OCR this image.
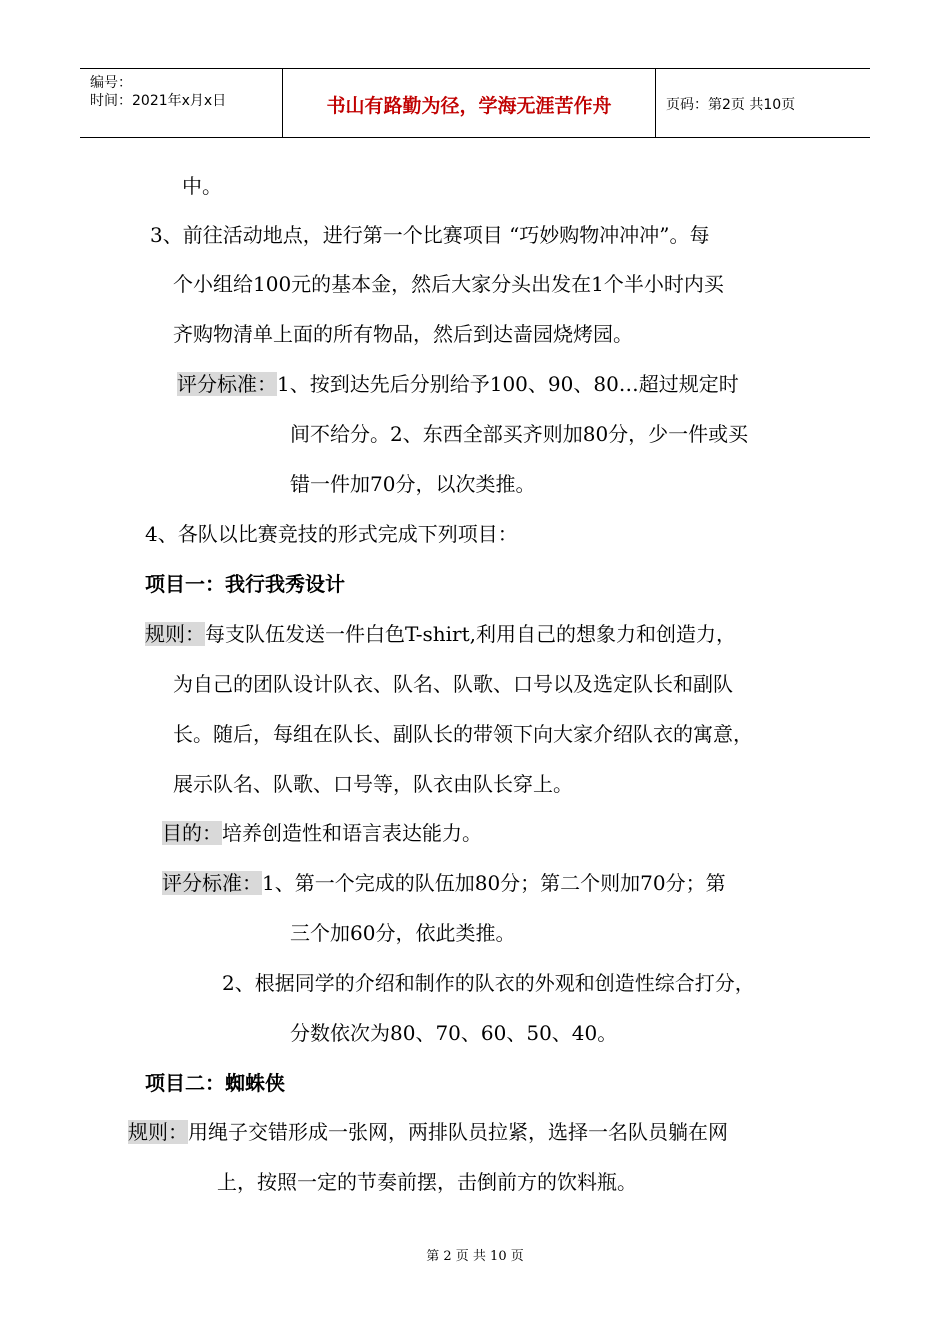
编号：
时间：2021年x月x日	书山有路勤为径，学海无涯苦作舟	页码：第2页 共10页
中。
3、前往活动地点，进行第一个比赛项目 “巧妙购物冲冲冲”。每
个小组给100元的基本金，然后大家分头出发在1个半小时内买
齐购物清单上面的所有物品，然后到达啬园烧烤园。
评分标准：1、按到达先后分别给予100、90、80…超过规定时
间不给分。2、东西全部买齐则加80分，少一件或买
错一件加70分，以次类推。
4、各队以比赛竞技的形式完成下列项目：
项目一：我行我秀设计
规则：每支队伍发送一件白色T-shirt,利用自己的想象力和创造力，
为自己的团队设计队衣、队名、队歌、口号以及选定队长和副队
长。随后，每组在队长、副队长的带领下向大家介绍队衣的寓意，
展示队名、队歌、口号等，队衣由队长穿上。
目的：培养创造性和语言表达能力。
评分标准：1、第一个完成的队伍加80分；第二个则加70分；第
三个加60分，依此类推。
2、根据同学的介绍和制作的队衣的外观和创造性综合打分，
分数依次为80、70、60、50、40。
项目二：蜘蛛侠
规则：用绳子交错形成一张网，两排队员拉紧，选择一名队员躺在网
上，按照一定的节奏前摆，击倒前方的饮料瓶。
第 2 页 共 10 页
